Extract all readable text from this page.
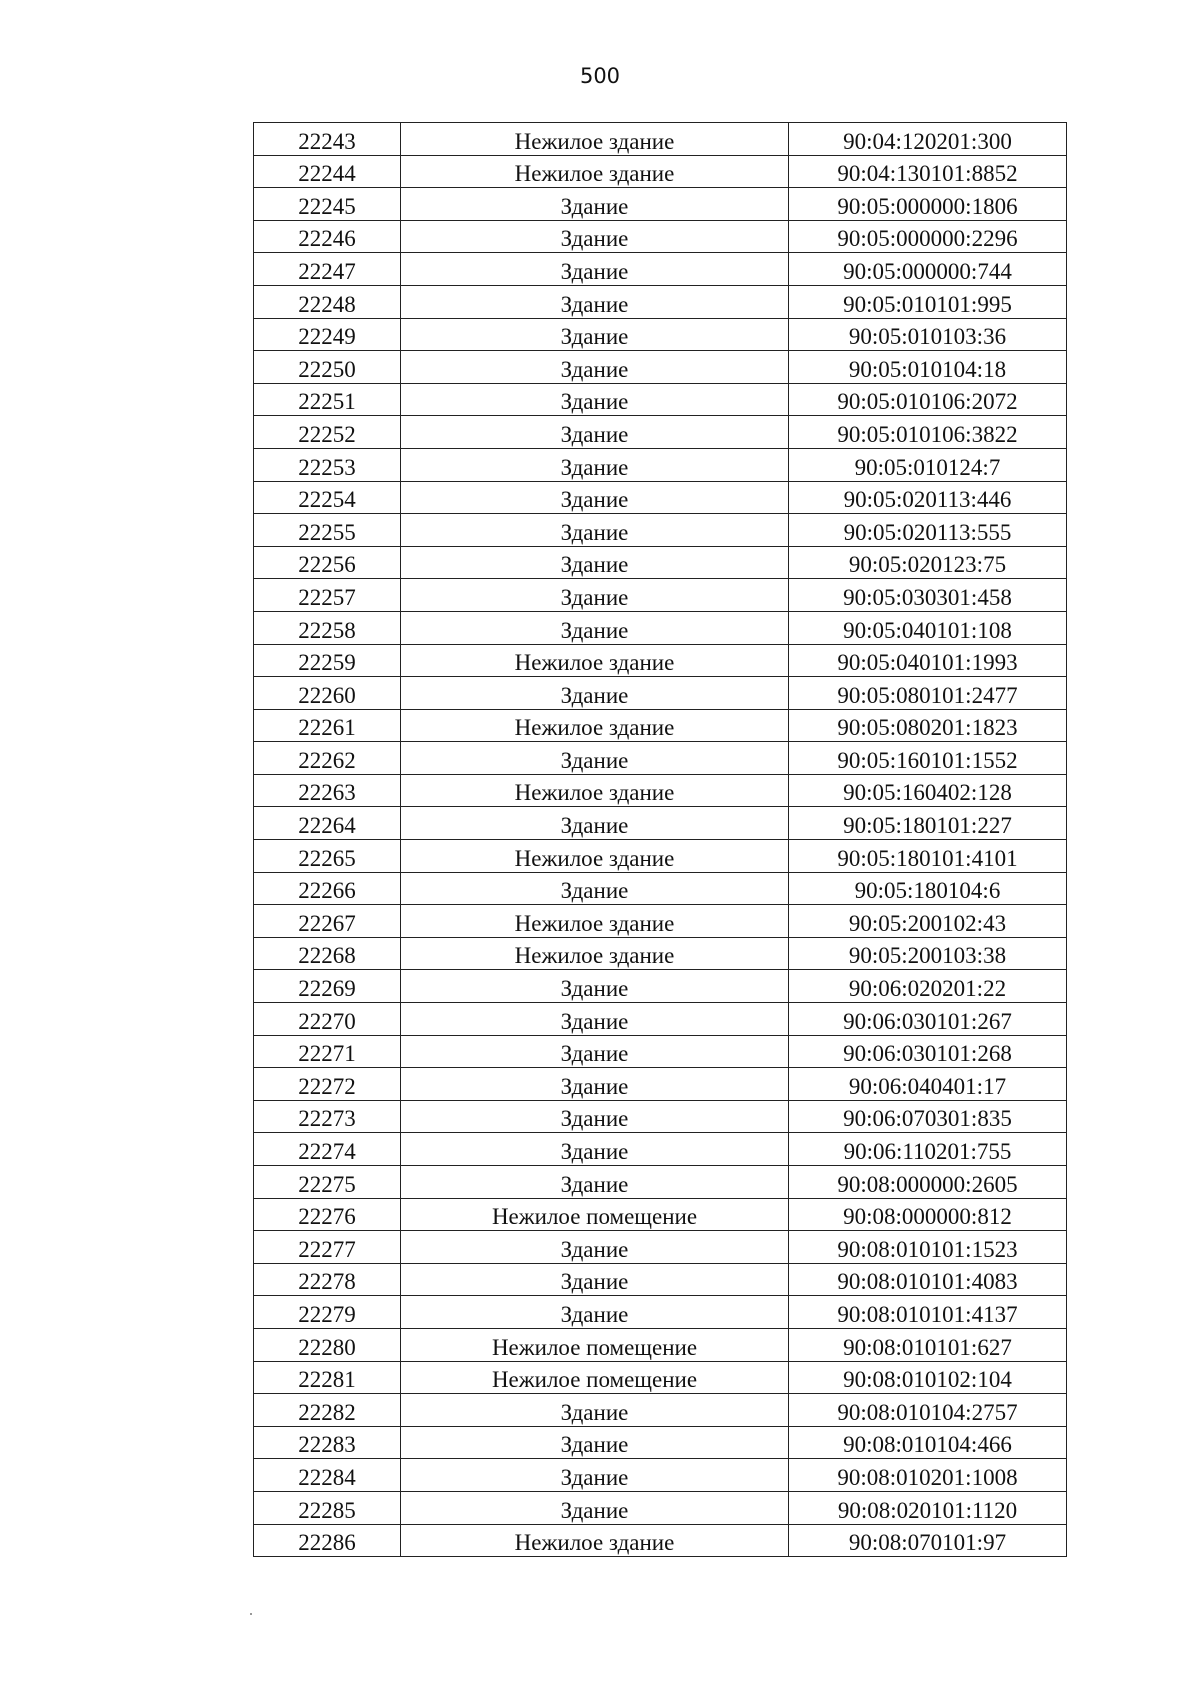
500
22243	Нежилое здание	90:04:120201:300
22244	Нежилое здание	90:04:130101:8852
22245	Здание	90:05:000000:1806
22246	Здание	90:05:000000:2296
22247	Здание	90:05:000000:744
22248	Здание	90:05:010101:995
22249	Здание	90:05:010103:36
22250	Здание	90:05:010104:18
22251	Здание	90:05:010106:2072
22252	Здание	90:05:010106:3822
22253	Здание	90:05:010124:7
22254	Здание	90:05:020113:446
22255	Здание	90:05:020113:555
22256	Здание	90:05:020123:75
22257	Здание	90:05:030301:458
22258	Здание	90:05:040101:108
22259	Нежилое здание	90:05:040101:1993
22260	Здание	90:05:080101:2477
22261	Нежилое здание	90:05:080201:1823
22262	Здание	90:05:160101:1552
22263	Нежилое здание	90:05:160402:128
22264	Здание	90:05:180101:227
22265	Нежилое здание	90:05:180101:4101
22266	Здание	90:05:180104:6
22267	Нежилое здание	90:05:200102:43
22268	Нежилое здание	90:05:200103:38
22269	Здание	90:06:020201:22
22270	Здание	90:06:030101:267
22271	Здание	90:06:030101:268
22272	Здание	90:06:040401:17
22273	Здание	90:06:070301:835
22274	Здание	90:06:110201:755
22275	Здание	90:08:000000:2605
22276	Нежилое помещение	90:08:000000:812
22277	Здание	90:08:010101:1523
22278	Здание	90:08:010101:4083
22279	Здание	90:08:010101:4137
22280	Нежилое помещение	90:08:010101:627
22281	Нежилое помещение	90:08:010102:104
22282	Здание	90:08:010104:2757
22283	Здание	90:08:010104:466
22284	Здание	90:08:010201:1008
22285	Здание	90:08:020101:1120
22286	Нежилое здание	90:08:070101:97
